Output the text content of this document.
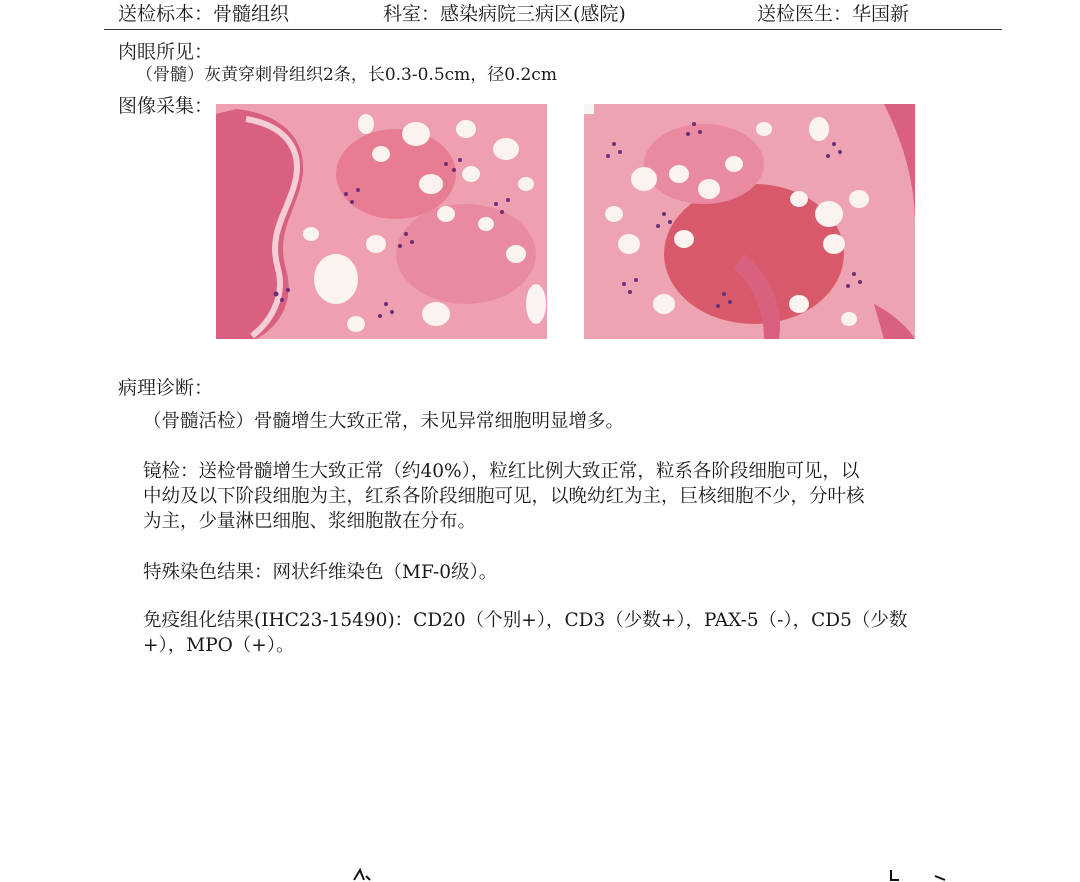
送检标本：骨髓组织	科室：感染病院三病区(感院)	送检医生：华国新
肉眼所见：
（骨髓）灰黄穿刺骨组织2条，长0.3-0.5cm，径0.2cm
图像采集：
病理诊断：
（骨髓活检）骨髓增生大致正常，未见异常细胞明显增多。
镜检：送检骨髓增生大致正常（约40%），粒红比例大致正常，粒系各阶段细胞可见，以
中幼及以下阶段细胞为主，红系各阶段细胞可见，以晚幼红为主，巨核细胞不少，分叶核
为主，少量淋巴细胞、浆细胞散在分布。
特殊染色结果：网状纤维染色（MF-0级）。
免疫组化结果(IHC23-15490)：CD20（个别+），CD3（少数+），PAX-5（-），CD5（少数
+），MPO（+）。
